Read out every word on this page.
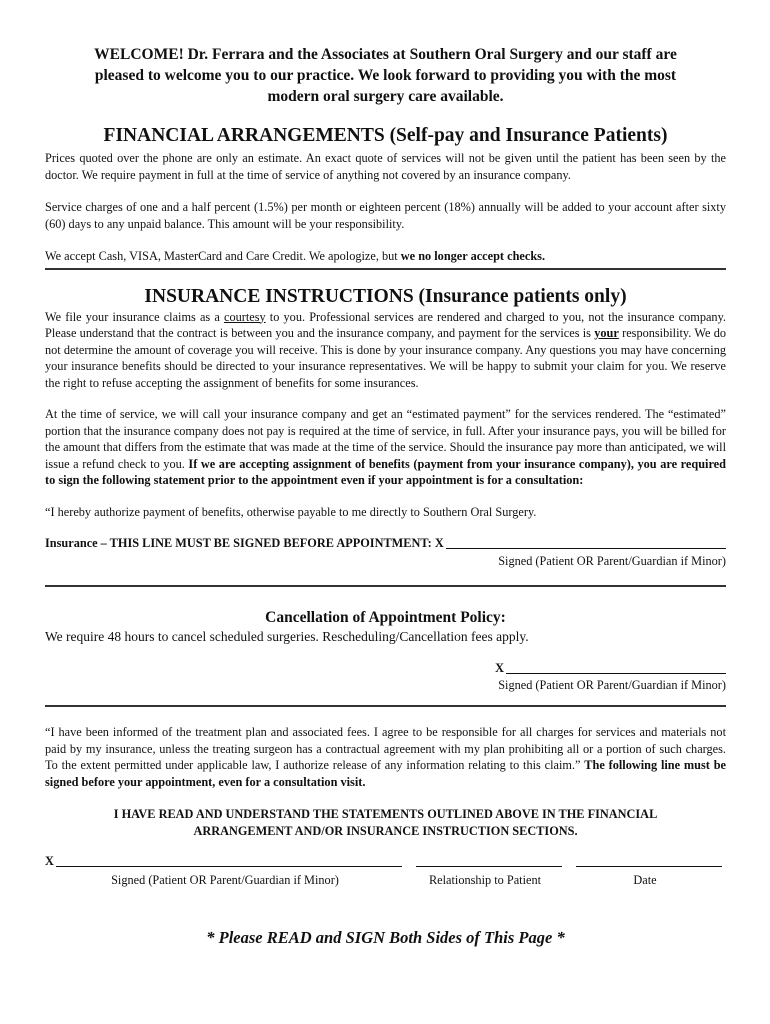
WELCOME! Dr. Ferrara and the Associates at Southern Oral Surgery and our staff are

pleased to welcome you to our practice. We look forward to providing you with the most

modern oral surgery care available.

FINANCIAL ARRANGEMENTS (Self-pay and Insurance Patients)

Prices quoted over the phone are only an estimate. An exact quote of services will not be given until the patient has been seen by the doctor. We require payment in full at the time of service of anything not covered by an insurance company.

Service charges of one and a half percent (1.5%) per month or eighteen percent (18%) annually will be added to your account after sixty (60) days to any unpaid balance. This amount will be your responsibility.

We accept Cash, VISA, MasterCard and Care Credit. We apologize, but we no longer accept checks.

INSURANCE INSTRUCTIONS (Insurance patients only)

We file your insurance claims as a courtesy to you. Professional services are rendered and charged to you, not the insurance company. Please understand that the contract is between you and the insurance company, and payment for the services is your responsibility. We do not determine the amount of coverage you will receive. This is done by your insurance company. Any questions you may have concerning your insurance benefits should be directed to your insurance representatives. We will be happy to submit your claim for you. We reserve the right to refuse accepting the assignment of benefits for some insurances.

At the time of service, we will call your insurance company and get an “estimated payment” for the services rendered. The “estimated” portion that the insurance company does not pay is required at the time of service, in full. After your insurance pays, you will be billed for the amount that differs from the estimate that was made at the time of the service. Should the insurance pay more than anticipated, we will issue a refund check to you. If we are accepting assignment of benefits (payment from your insurance company), you are required to sign the following statement prior to the appointment even if your appointment is for a consultation:

“I hereby authorize payment of benefits, otherwise payable to me directly to Southern Oral Surgery.

Insurance – THIS LINE MUST BE SIGNED BEFORE APPOINTMENT: X

Signed (Patient OR Parent/Guardian if Minor)

Cancellation of Appointment Policy:

We require 48 hours to cancel scheduled surgeries. Rescheduling/Cancellation fees apply.

X

Signed (Patient OR Parent/Guardian if Minor)

“I have been informed of the treatment plan and associated fees. I agree to be responsible for all charges for services and materials not paid by my insurance, unless the treating surgeon has a contractual agreement with my plan prohibiting all or a portion of such charges. To the extent permitted under applicable law, I authorize release of any information relating to this claim.” The following line must be signed before your appointment, even for a consultation visit.

I HAVE READ AND UNDERSTAND THE STATEMENTS OUTLINED ABOVE IN THE FINANCIAL

ARRANGEMENT AND/OR INSURANCE INSTRUCTION SECTIONS.

X
Signed (Patient OR Parent/Guardian if Minor)	Relationship to Patient	Date

* Please READ and SIGN Both Sides of This Page *
